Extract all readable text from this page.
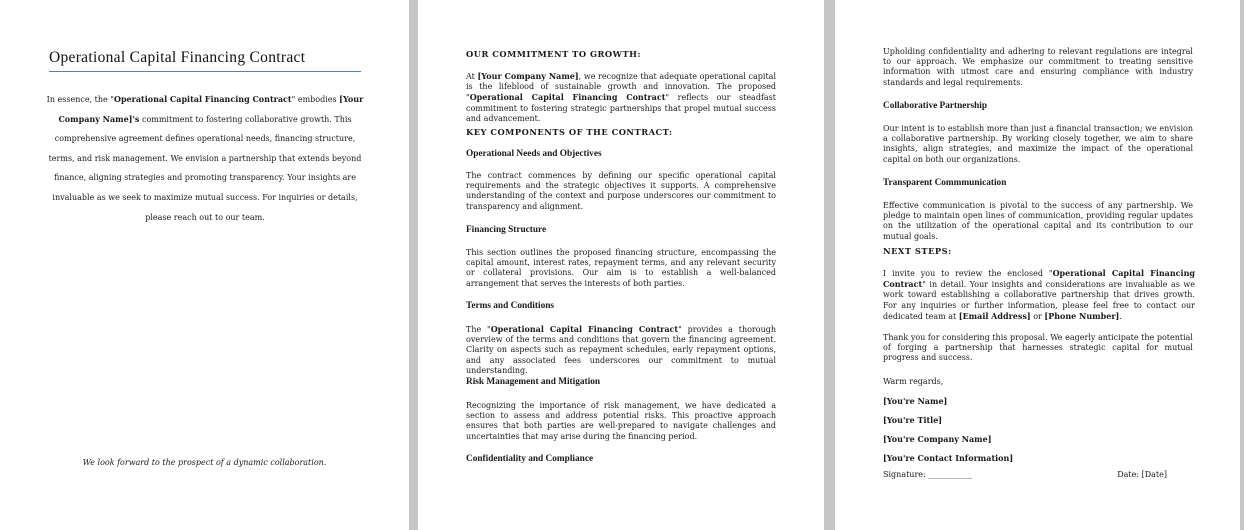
Operational Capital Financing Contract
In essence, the "Operational Capital Financing Contract" embodies [Your Company Name]'s commitment to fostering collaborative growth. This comprehensive agreement defines operational needs, financing structure, terms, and risk management. We envision a partnership that extends beyond finance, aligning strategies and promoting transparency. Your insights are invaluable as we seek to maximize mutual success. For inquiries or details, please reach out to our team.
We look forward to the prospect of a dynamic collaboration.
OUR COMMITMENT TO GROWTH:
At [Your Company Name], we recognize that adequate operational capital is the lifeblood of sustainable growth and innovation. The proposed "Operational Capital Financing Contract" reflects our steadfast commitment to fostering strategic partnerships that propel mutual success and advancement.
KEY COMPONENTS OF THE CONTRACT:
Operational Needs and Objectives
The contract commences by defining our specific operational capital requirements and the strategic objectives it supports. A comprehensive understanding of the context and purpose underscores our commitment to transparency and alignment.
Financing Structure
This section outlines the proposed financing structure, encompassing the capital amount, interest rates, repayment terms, and any relevant security or collateral provisions. Our aim is to establish a well-balanced arrangement that serves the interests of both parties.
Terms and Conditions
The "Operational Capital Financing Contract" provides a thorough overview of the terms and conditions that govern the financing agreement. Clarity on aspects such as repayment schedules, early repayment options, and any associated fees underscores our commitment to mutual understanding.
Risk Management and Mitigation
Recognizing the importance of risk management, we have dedicated a section to assess and address potential risks. This proactive approach ensures that both parties are well-prepared to navigate challenges and uncertainties that may arise during the financing period.
Confidentiality and Compliance
Upholding confidentiality and adhering to relevant regulations are integral to our approach. We emphasize our commitment to treating sensitive information with utmost care and ensuring compliance with industry standards and legal requirements.
Collaborative Partnership
Our intent is to establish more than just a financial transaction; we envision a collaborative partnership. By working closely together, we aim to share insights, align strategies, and maximize the impact of the operational capital on both our organizations.
Transparent Commmunication
Effective communication is pivotal to the success of any partnership. We pledge to maintain open lines of communication, providing regular updates on the utilization of the operational capital and its contribution to our mutual goals.
NEXT STEPS:
I invite you to review the enclosed "Operational Capital Financing Contract" in detail. Your insights and considerations are invaluable as we work toward establishing a collaborative partnership that drives growth. For any inquiries or further information, please feel free to contact our dedicated team at [Email Address] or [Phone Number].
Thank you for considering this proposal. We eagerly anticipate the potential of forging a partnership that harnesses strategic capital for mutual progress and success.
Warm regards,
[You're Name]
[You're Title]
[You're Company Name]
[You're Contact Information]
Signature: ___________	Date: [Date]
